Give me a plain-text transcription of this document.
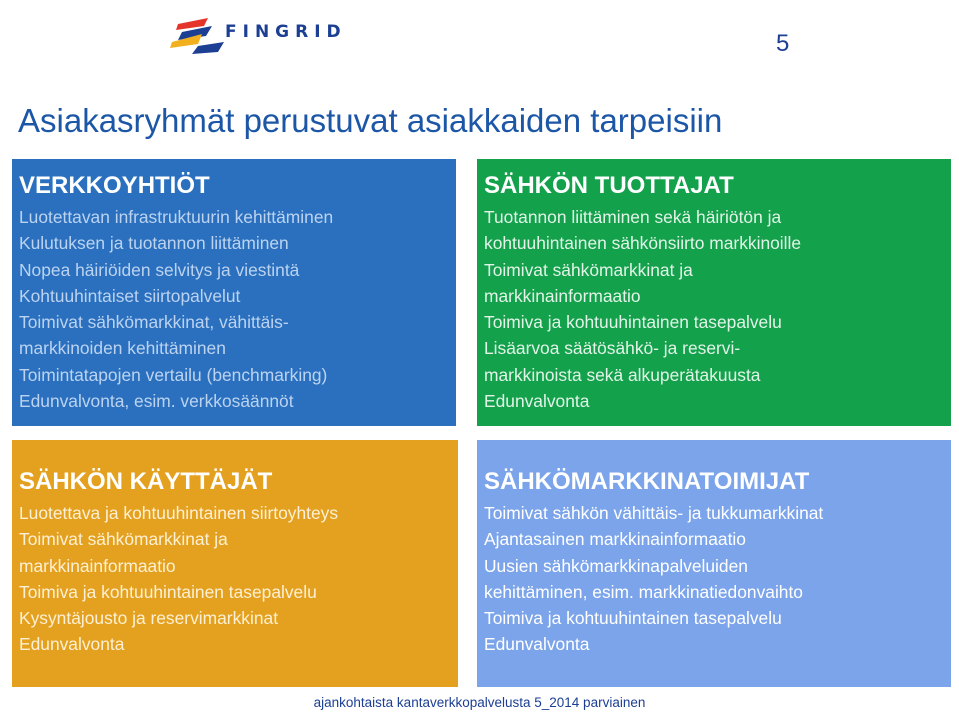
FINGRID	5
Asiakasryhmät perustuvat asiakkaiden tarpeisiin
VERKKOYHTIÖT
Luotettavan infrastruktuurin kehittäminen
Kulutuksen ja tuotannon liittäminen
Nopea häiriöiden selvitys ja viestintä
Kohtuuhintaiset siirtopalvelut
Toimivat sähkömarkkinat, vähittäis-
markkinoiden kehittäminen
Toimintatapojen vertailu (benchmarking)
Edunvalvonta, esim. verkkosäännöt
SÄHKÖN TUOTTAJAT
Tuotannon liittäminen sekä häiriötön ja
kohtuuhintainen sähkönsiirto markkinoille
Toimivat sähkömarkkinat ja
markkinainformaatio
Toimiva ja kohtuuhintainen tasepalvelu
Lisäarvoa säätösähkö- ja reservi-
markkinoista sekä alkuperätakuusta
Edunvalvonta
SÄHKÖN KÄYTTÄJÄT
Luotettava ja kohtuuhintainen siirtoyhteys
Toimivat sähkömarkkinat ja
markkinainformaatio
Toimiva ja kohtuuhintainen tasepalvelu
Kysyntäjousto ja reservimarkkinat
Edunvalvonta
SÄHKÖMARKKINATOIMIJAT
Toimivat sähkön vähittäis- ja tukkumarkkinat
Ajantasainen markkinainformaatio
Uusien sähkömarkkinapalveluiden
kehittäminen, esim. markkinatiedonvaihto
Toimiva ja kohtuuhintainen tasepalvelu
Edunvalvonta
ajankohtaista kantaverkkopalvelusta 5_2014 parviainen
